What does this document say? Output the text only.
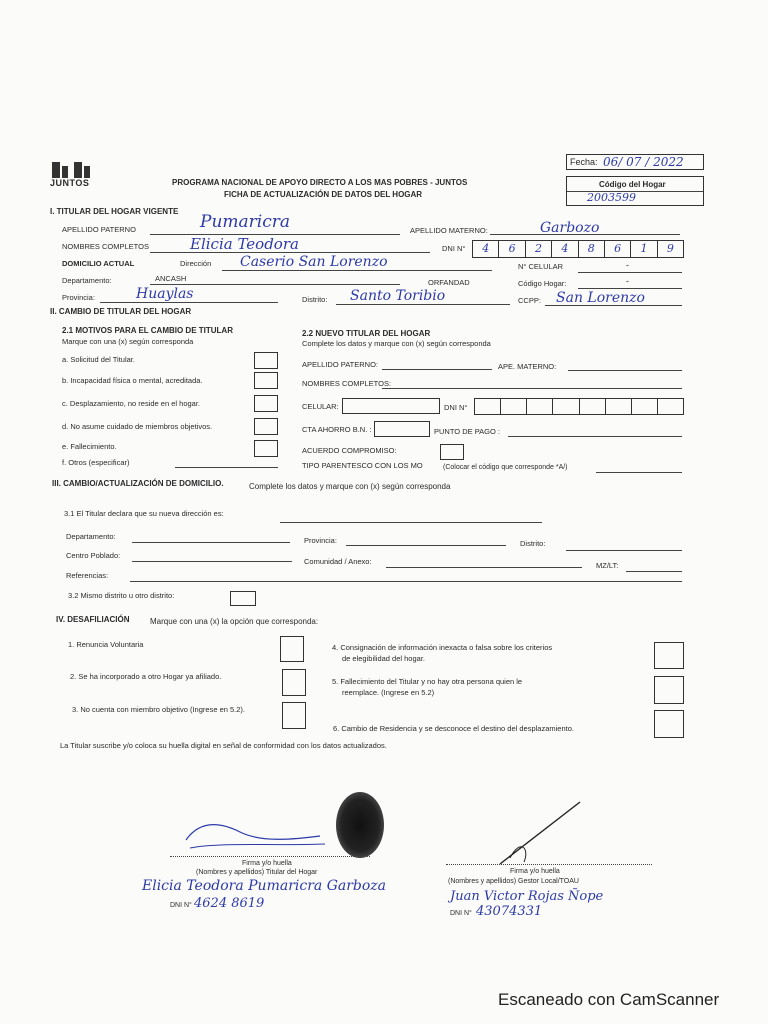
JUNTOS
Fecha: 06/ 07 / 2022
PROGRAMA NACIONAL DE APOYO DIRECTO A LOS MAS POBRES - JUNTOS
FICHA DE ACTUALIZACIÓN DE DATOS DEL HOGAR
Código del Hogar
2003599
I. TITULAR DEL HOGAR VIGENTE
APELLIDO PATERNO	Pumaricra	APELLIDO MATERNO:	Garbozo
NOMBRES COMPLETOS	Elicia Teodora	DNI N°	4	6	2	4	8	6	1	9
DOMICILIO ACTUAL	Dirección Caserio San Lorenzo	N° CELULAR	-
Departamento:	ANCASH	ORFANDAD	Código Hogar:	-
Provincia:	Huaylas	Distrito: Santo Toribio	CCPP: San Lorenzo
II. CAMBIO DE TITULAR DEL HOGAR
2.1 MOTIVOS PARA EL CAMBIO DE TITULAR
Marque con una (x) según corresponda
a. Solicitud del Titular.
b. Incapacidad física o mental, acreditada.
c. Desplazamiento, no reside en el hogar.
d. No asume cuidado de miembros objetivos.
e. Fallecimiento.
f. Otros (especificar)
2.2 NUEVO TITULAR DEL HOGAR
Complete los datos y marque con (x) según corresponda
APELLIDO PATERNO:	APE. MATERNO:
NOMBRES COMPLETOS:
CELULAR:	DNI N°
CTA AHORRO B.N. :	PUNTO DE PAGO :
ACUERDO COMPROMISO:
TIPO PARENTESCO CON LOS MO	(Colocar el código que corresponde *A/)
III. CAMBIO/ACTUALIZACIÓN DE DOMICILIO.	Complete los datos y marque con (x) según corresponda
3.1 El Titular declara que su nueva dirección es:
Departamento:	Provincia:	Distrito:
Centro Poblado:
Comunidad / Anexo:	MZ/LT:
Referencias:
3.2 Mismo distrito u otro distrito:
IV. DESAFILIACIÓN	Marque con una (x) la opción que corresponda:
1. Renuncia Voluntaria
2. Se ha incorporado a otro Hogar ya afiliado.
3. No cuenta con miembro objetivo (Ingrese en 5.2).
4. Consignación de información inexacta o falsa sobre los criterios
de elegibilidad del hogar.
5. Fallecimiento del Titular y no hay otra persona quien le
reemplace. (Ingrese en 5.2)
6. Cambio de Residencia y se desconoce el destino del desplazamiento.
La Titular suscribe y/o coloca su huella digital en señal de conformidad con los datos actualizados.
Firma y/o huella
(Nombres y apellidos) Titular del Hogar
Elicia Teodora Pumaricra Garboza
DNI N° 4624 8619
Firma y/o huella
(Nombres y apellidos) Gestor Local/TOAU
Juan Victor Rojas Ñope
DNI N° 43074331
Escaneado con CamScanner
